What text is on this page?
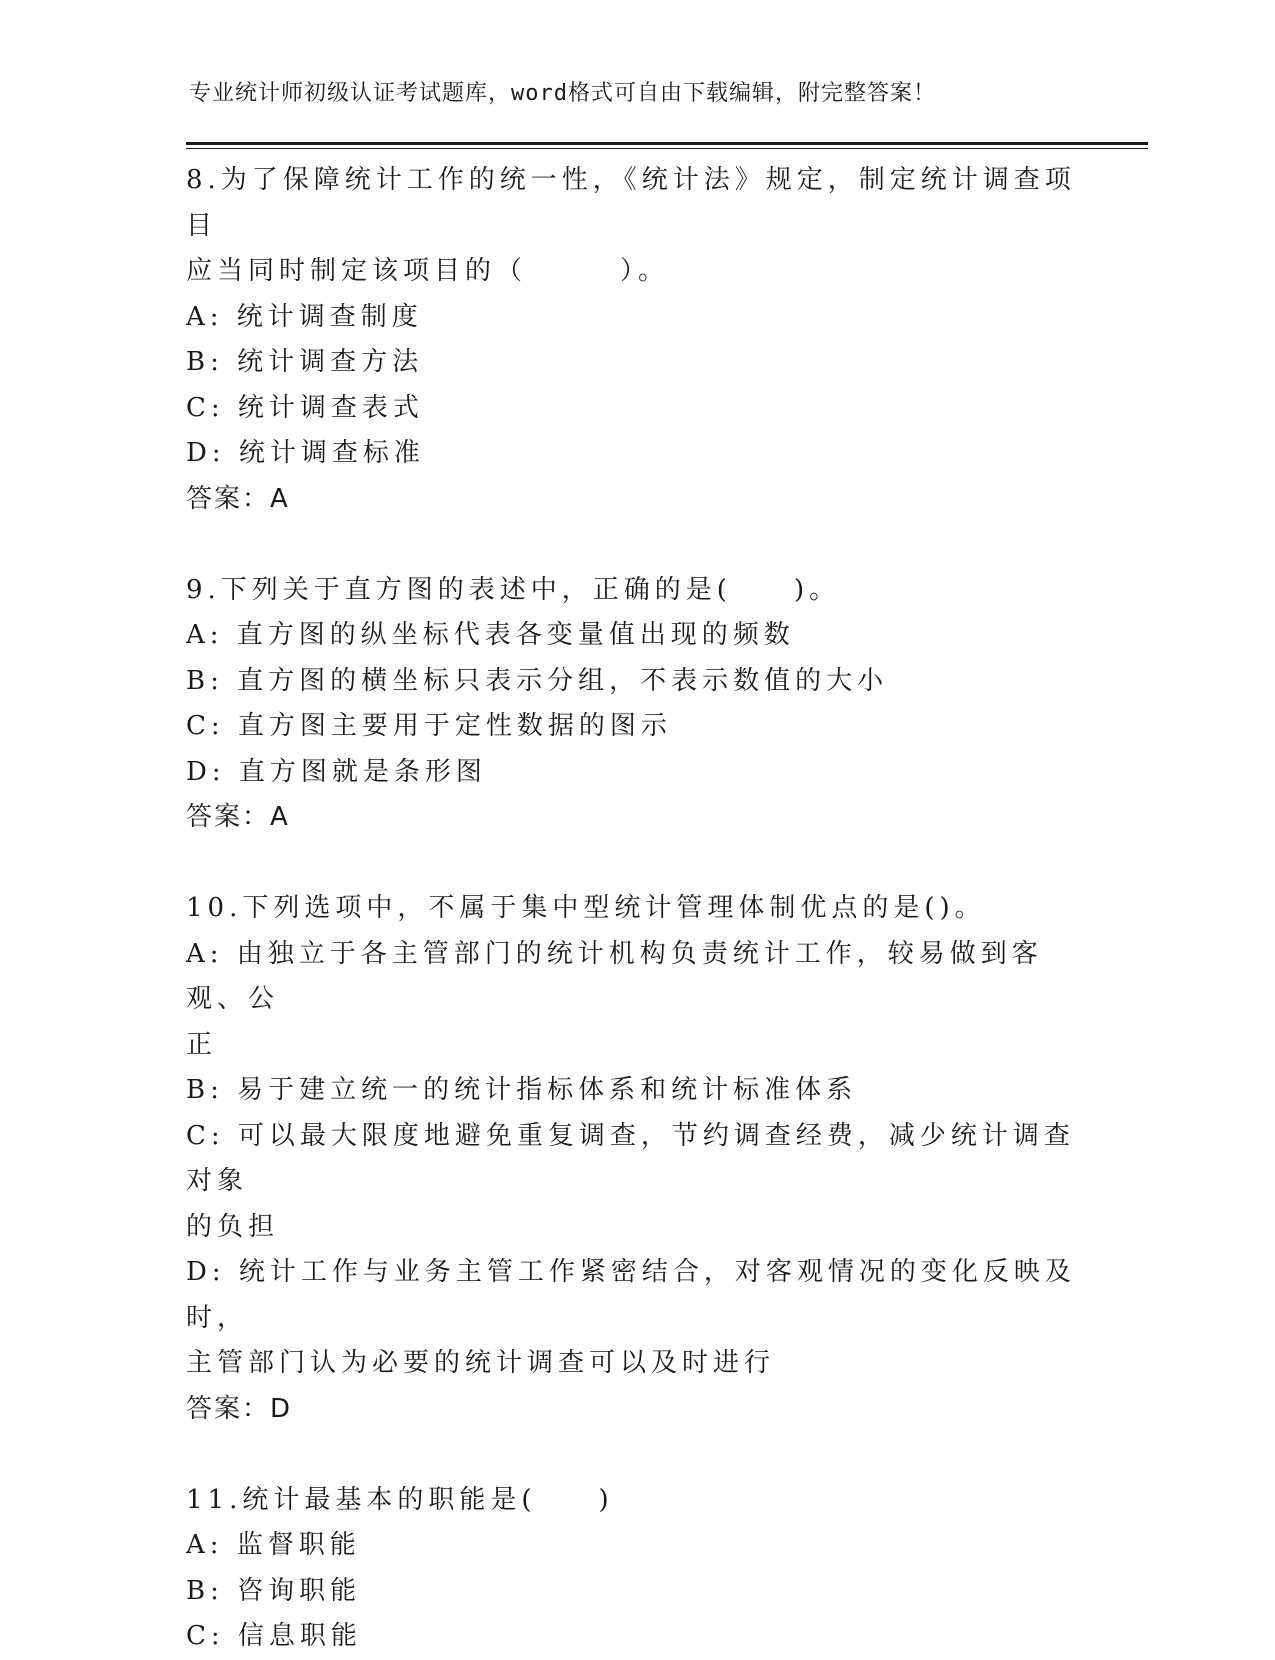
专业统计师初级认证考试题库，word格式可自由下载编辑，附完整答案！
8.为了保障统计工作的统一性，《统计法》规定，制定统计调查项目
应当同时制定该项目的（　　　）。
A: 统计调查制度
B: 统计调查方法
C: 统计调查表式
D: 统计调查标准
答案：A
9.下列关于直方图的表述中，正确的是(　　)。
A: 直方图的纵坐标代表各变量值出现的频数
B: 直方图的横坐标只表示分组，不表示数值的大小
C: 直方图主要用于定性数据的图示
D: 直方图就是条形图
答案：A
10.下列选项中，不属于集中型统计管理体制优点的是()。
A: 由独立于各主管部门的统计机构负责统计工作，较易做到客观、公
正
B: 易于建立统一的统计指标体系和统计标准体系
C: 可以最大限度地避免重复调查，节约调查经费，减少统计调查对象
的负担
D: 统计工作与业务主管工作紧密结合，对客观情况的变化反映及时，
主管部门认为必要的统计调查可以及时进行
答案：D
11.统计最基本的职能是(　　)
A: 监督职能
B: 咨询职能
C: 信息职能
